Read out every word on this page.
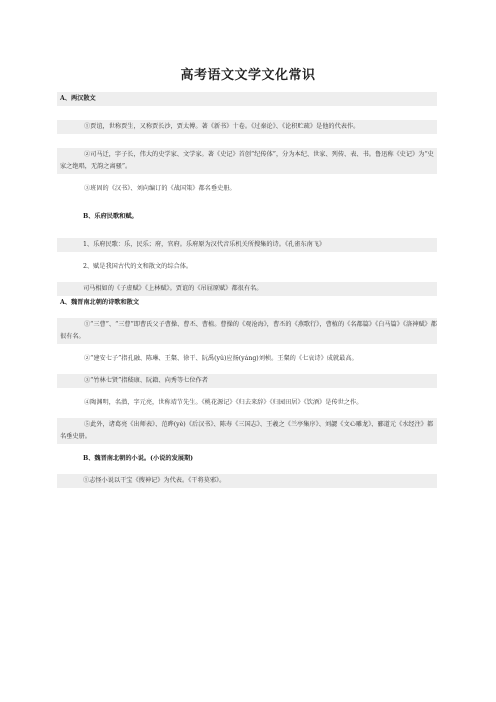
高考语文文学文化常识
A、两汉散文
①贾谊，世称贾生，又称贾长沙，贾太傅。著《新书》十卷。《过秦论》、《论积贮疏》是他的代表作。
②司马迁，字子长，伟大的史学家、文学家。著《史记》首创“纪传体”，分为本纪、世家、列传、表、书。鲁迅称《史记》为“史家之绝唱，无韵之离骚”。
③班固的《汉书》、刘向编订的《战国策》都名垂史册。
B、乐府民歌和赋。
1、乐府民歌：乐，民乐；府，官府。乐府原为汉代音乐机关所搜集的诗。《孔雀东南飞》
2、赋是我国古代的文和散文的综合体。
司马相如的《子虚赋》《上林赋》。贾谊的《吊屈原赋》都很有名。
A、魏晋南北朝的诗歌和散文
①“三曹”、“三曹”即曹氏父子曹操、曹丕、曹植。曹操的《观沧海》，曹丕的《燕歌行》，曹植的《名都篇》《白马篇》《洛神赋》都很有名。
②“建安七子”指孔融、陈琳、王粲、徐干、阮禹(yǔ)应扬(yáng)刘桢。王粲的《七哀诗》成就最高。
③“竹林七贤”指嵇康、阮籍、向秀等七位作者
④陶渊明，名潜，字元亮，世称靖节先生。《桃花源记》《归去来辞》《归园田居》《饮酒》是传世之作。
⑤此外，诸葛亮《出师表》、范晔(yè)《后汉书》、陈寿《三国志》、王羲之《兰亭集序》、刘勰《文心雕龙》、郦道元《水经注》都名垂史册。
B、魏晋南北朝的小说。(小说的发展期)
①志怪小说以干宝《搜神记》为代表。《干将莫邪》。
